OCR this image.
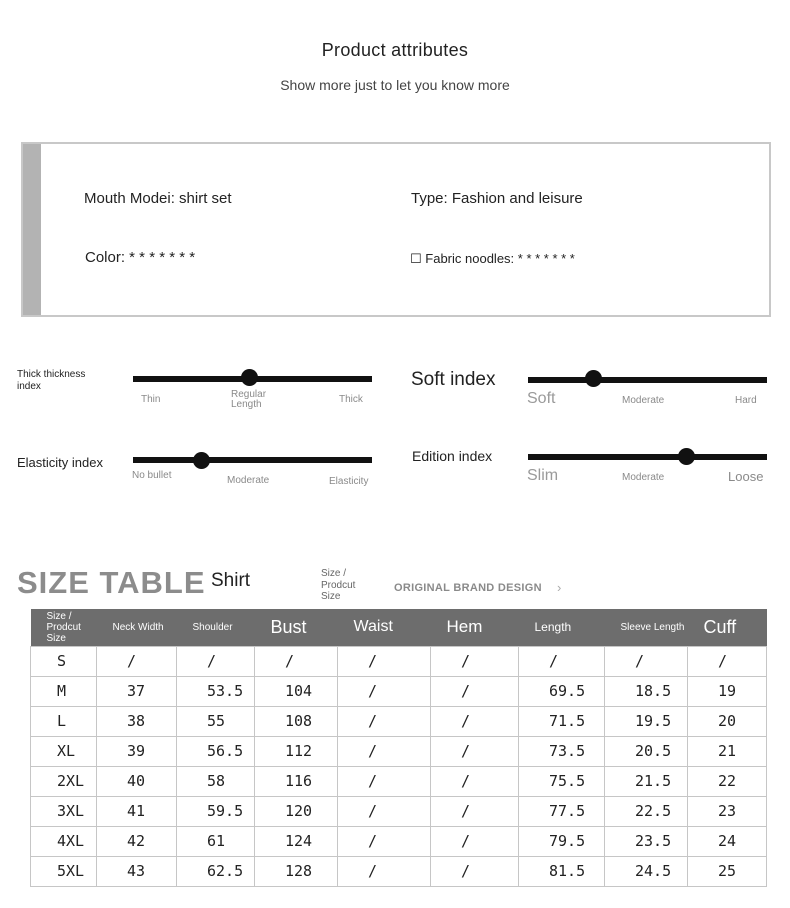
Product attributes
Show more just to let you know more
Mouth Modei: shirt set	Type: Fashion and leisure
Color: * * * * * * *	☐ Fabric noodles: * * * * * * *
Thick thickness index
Thin	Regular Length	Thick
Soft index
Soft	Moderate	Hard
Elasticity index
No bullet	Moderate	Elasticity
Edition index
Slim	Moderate	Loose
SIZE TABLE Shirt	Size / Prodcut Size
ORIGINAL BRAND DESIGN ›
Size / Prodcut Size	Neck Width	Shoulder	Bust	Waist	Hem	Length	Sleeve Length	Cuff
S	/	/	/	/	/	/	/	/
M	37	53.5	104	/	/	69.5	18.5	19
L	38	55	108	/	/	71.5	19.5	20
XL	39	56.5	112	/	/	73.5	20.5	21
2XL	40	58	116	/	/	75.5	21.5	22
3XL	41	59.5	120	/	/	77.5	22.5	23
4XL	42	61	124	/	/	79.5	23.5	24
5XL	43	62.5	128	/	/	81.5	24.5	25
